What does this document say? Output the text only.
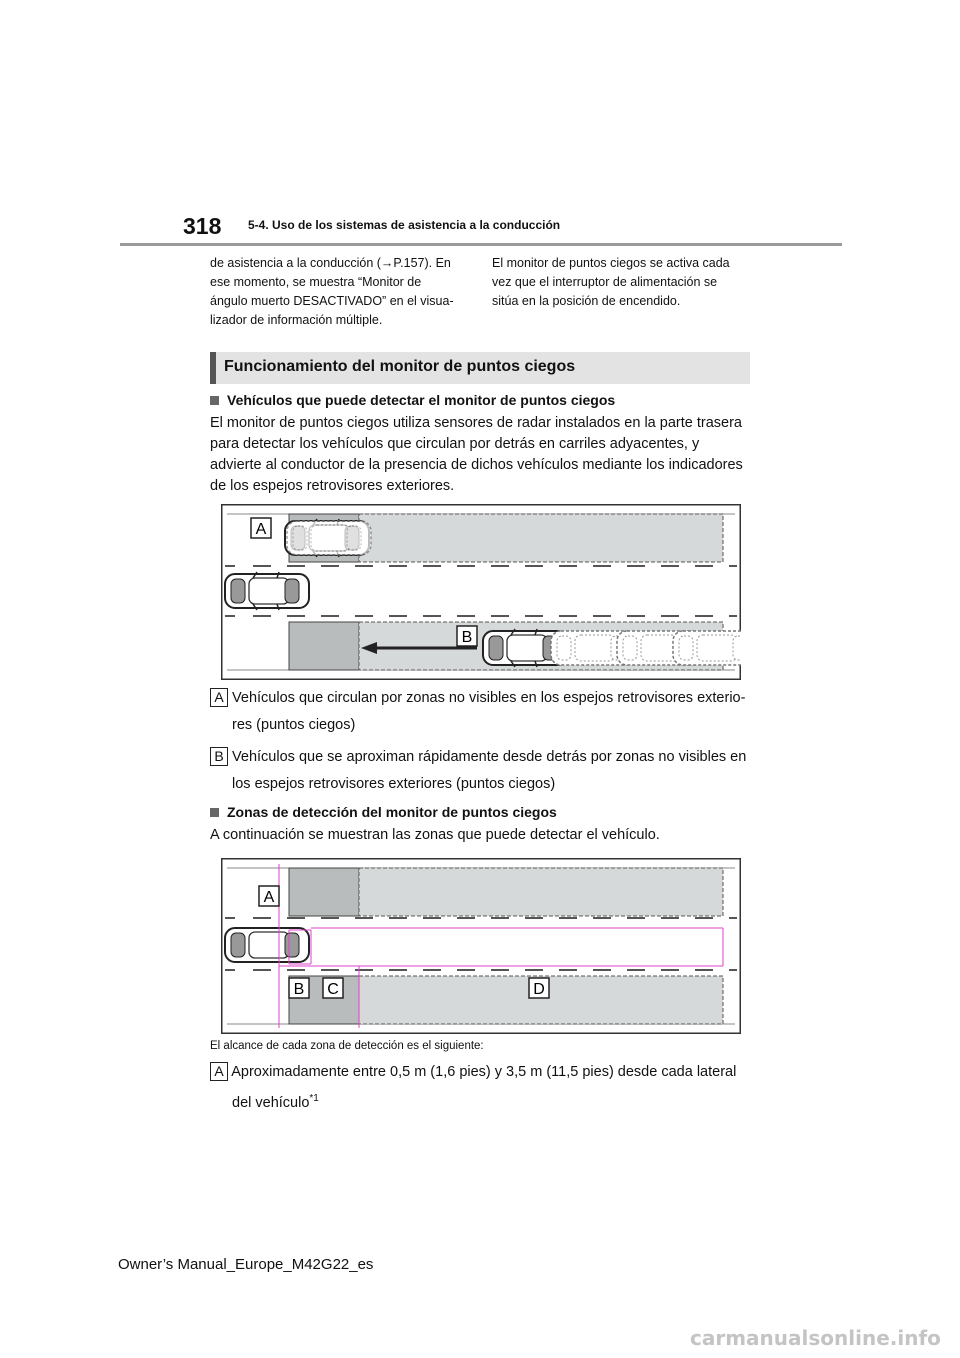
318 5-4. Uso de los sistemas de asistencia a la conducción
de asistencia a la conducción (→P.157). En
ese momento, se muestra “Monitor de
ángulo muerto DESACTIVADO” en el visua-
lizador de información múltiple.
El monitor de puntos ciegos se activa cada
vez que el interruptor de alimentación se
sitúa en la posición de encendido.
Funcionamiento del monitor de puntos ciegos
Vehículos que puede detectar el monitor de puntos ciegos
El monitor de puntos ciegos utiliza sensores de radar instalados en la parte trasera
para detectar los vehículos que circulan por detrás en carriles adyacentes, y
advierte al conductor de la presencia de dichos vehículos mediante los indicadores
de los espejos retrovisores exteriores.
A
B
A Vehículos que circulan por zonas no visibles en los espejos retrovisores exterio-
res (puntos ciegos)
B Vehículos que se aproximan rápidamente desde detrás por zonas no visibles en
los espejos retrovisores exteriores (puntos ciegos)
Zonas de detección del monitor de puntos ciegos
A continuación se muestran las zonas que puede detectar el vehículo.
A
B C	D
El alcance de cada zona de detección es el siguiente:
A Aproximadamente entre 0,5 m (1,6 pies) y 3,5 m (11,5 pies) desde cada lateral
del vehículo$^{*1}$
Owner’s Manual_Europe_M42G22_es
carmanualsonline.info
